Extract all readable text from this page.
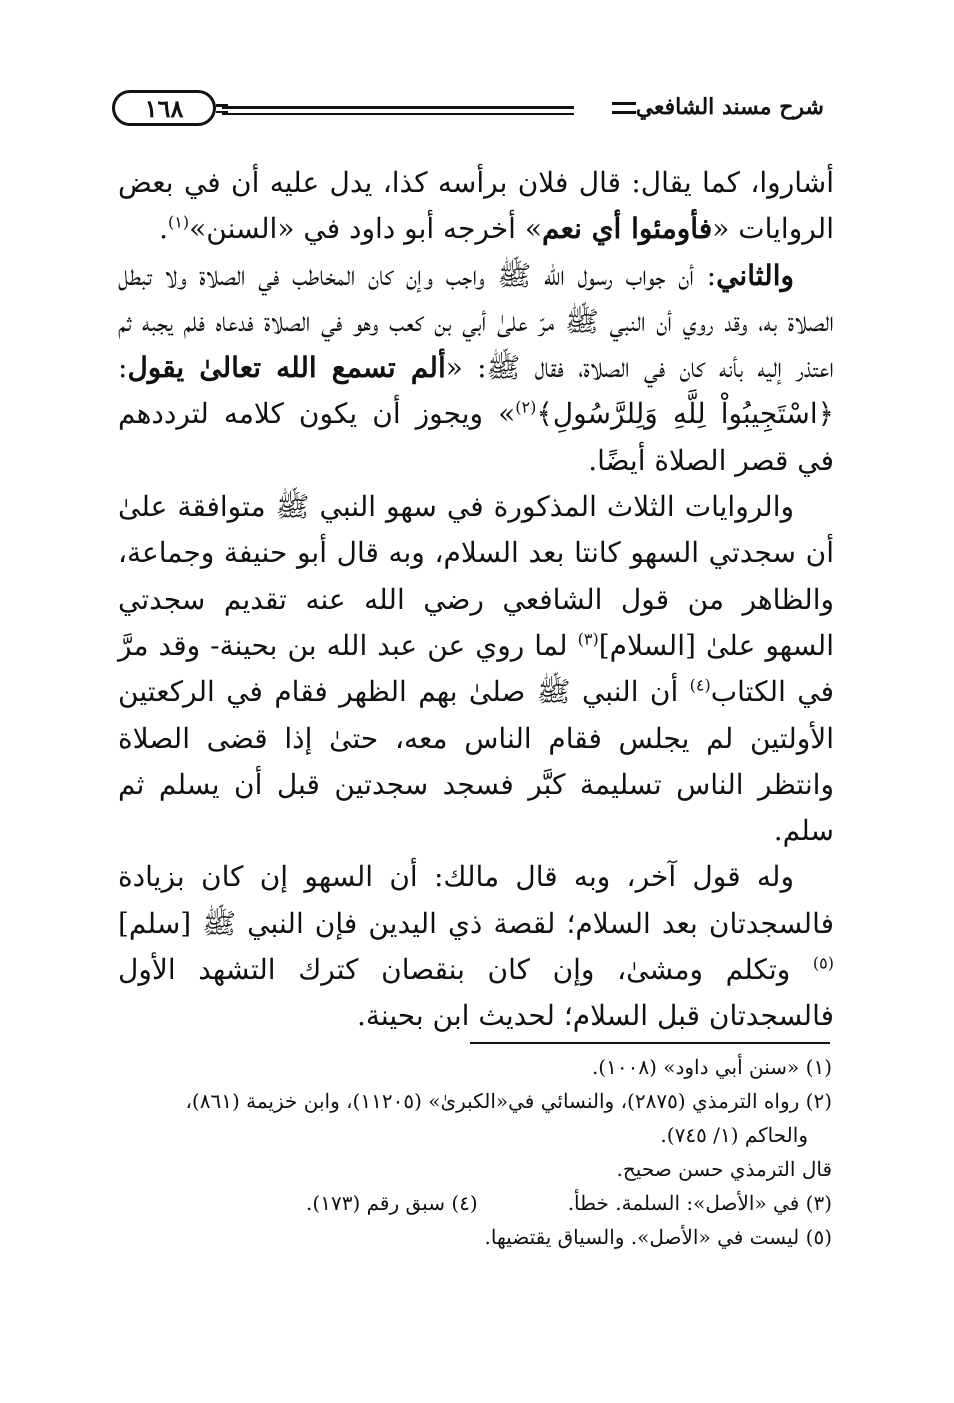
١٦٨	شرح مسند الشافعي

أشاروا، كما يقال: قال فلان برأسه كذا، يدل عليه أن في بعض الروايات «فأومئوا أي نعم» أخرجه أبو داود في «السنن»$^{(١)}$.

والثاني: أن جواب رسول الله ﷺ واجب وإن كان المخاطب في الصلاة ولا تبطل الصلاة به، وقد روي أن النبي ﷺ مرّ علىٰ أبي بن كعب وهو في الصلاة فدعاه فلم يجبه ثم اعتذر إليه بأنه كان في الصلاة، فقال ﷺ: «ألم تسمع الله تعالىٰ يقول: ﴿اسْتَجِيبُواْ لِلَّهِ وَلِلرَّسُولِ﴾$^{(٢)}$» ويجوز أن يكون كلامه لترددهم في قصر الصلاة أيضًا.

والروايات الثلاث المذكورة في سهو النبي ﷺ متوافقة علىٰ أن سجدتي السهو كانتا بعد السلام، وبه قال أبو حنيفة وجماعة، والظاهر من قول الشافعي رضي الله عنه تقديم سجدتي السهو علىٰ [السلام]$^{(٣)}$ لما روي عن عبد الله بن بحينة- وقد مرَّ في الكتاب$^{(٤)}$ أن النبي ﷺ صلىٰ بهم الظهر فقام في الركعتين الأولتين لم يجلس فقام الناس معه، حتىٰ إذا قضى الصلاة وانتظر الناس تسليمة كبَّر فسجد سجدتين قبل أن يسلم ثم سلم.

وله قول آخر، وبه قال مالك: أن السهو إن كان بزيادة فالسجدتان بعد السلام؛ لقصة ذي اليدين فإن النبي ﷺ [سلم]$^{(٥)}$ وتكلم ومشىٰ، وإن كان بنقصان كترك التشهد الأول فالسجدتان قبل السلام؛ لحديث ابن بحينة.

(١) «سنن أبي داود» (١٠٠٨).

(٢) رواه الترمذي (٢٨٧٥)، والنسائي في«الكبرىٰ» (١١٢٠٥)، وابن خزيمة (٨٦١)،

والحاكم (١/ ٧٤٥).

قال الترمذي حسن صحيح.

(٣) في «الأصل»: السلمة. خطأ.
(٤) سبق رقم (١٧٣).

(٥) ليست في «الأصل». والسياق يقتضيها.
